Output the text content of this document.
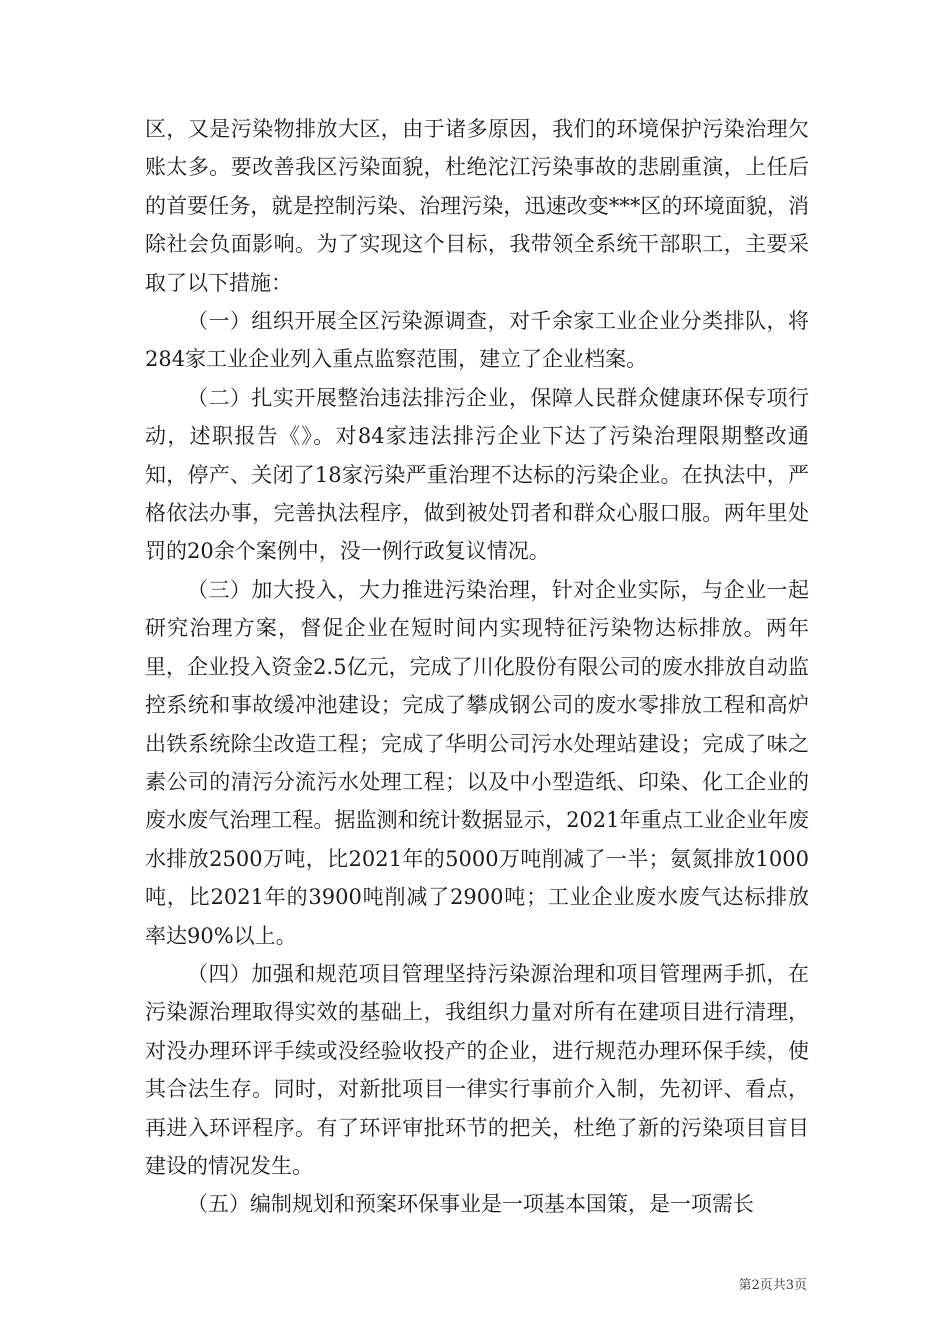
区，又是污染物排放大区，由于诸多原因，我们的环境保护污染治理欠账太多。要改善我区污染面貌，杜绝沱江污染事故的悲剧重演，上任后的首要任务，就是控制污染、治理污染，迅速改变***区的环境面貌，消除社会负面影响。为了实现这个目标，我带领全系统干部职工，主要采取了以下措施：

（一）组织开展全区污染源调查，对千余家工业企业分类排队，将284家工业企业列入重点监察范围，建立了企业档案。

（二）扎实开展整治违法排污企业，保障人民群众健康环保专项行动，述职报告《》。对84家违法排污企业下达了污染治理限期整改通知，停产、关闭了18家污染严重治理不达标的污染企业。在执法中，严格依法办事，完善执法程序，做到被处罚者和群众心服口服。两年里处罚的20余个案例中，没一例行政复议情况。

（三）加大投入，大力推进污染治理，针对企业实际，与企业一起研究治理方案，督促企业在短时间内实现特征污染物达标排放。两年里，企业投入资金2.5亿元，完成了川化股份有限公司的废水排放自动监控系统和事故缓冲池建设；完成了攀成钢公司的废水零排放工程和高炉出铁系统除尘改造工程；完成了华明公司污水处理站建设；完成了味之素公司的清污分流污水处理工程；以及中小型造纸、印染、化工企业的废水废气治理工程。据监测和统计数据显示，2021年重点工业企业年废水排放2500万吨，比2021年的5000万吨削减了一半；氨氮排放1000吨，比2021年的3900吨削减了2900吨；工业企业废水废气达标排放率达90%以上。

（四）加强和规范项目管理坚持污染源治理和项目管理两手抓，在污染源治理取得实效的基础上，我组织力量对所有在建项目进行清理，对没办理环评手续或没经验收投产的企业，进行规范办理环保手续，使其合法生存。同时，对新批项目一律实行事前介入制，先初评、看点，再进入环评程序。有了环评审批环节的把关，杜绝了新的污染项目盲目建设的情况发生。

（五）编制规划和预案环保事业是一项基本国策，是一项需长

第2页共3页
